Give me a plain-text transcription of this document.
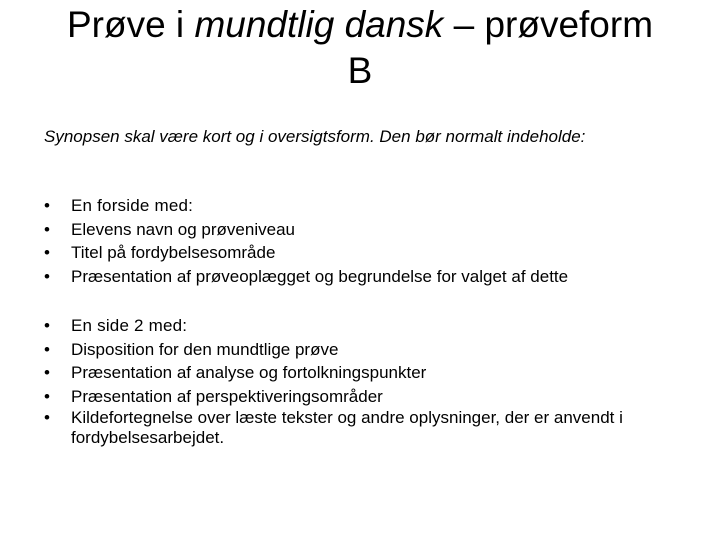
Prøve i mundtlig dansk – prøveform
B
Synopsen skal være kort og i oversigtsform. Den bør normalt indeholde:
• En forside med:
• Elevens navn og prøveniveau
• Titel på fordybelsesområde
• Præsentation af prøveoplægget og begrundelse for valget af dette
• En side 2 med:
• Disposition for den mundtlige prøve
• Præsentation af analyse og fortolkningspunkter
• Præsentation af perspektiveringsområder
• Kildefortegnelse over læste tekster og andre oplysninger, der er anvendt i fordybelsesarbejdet.
